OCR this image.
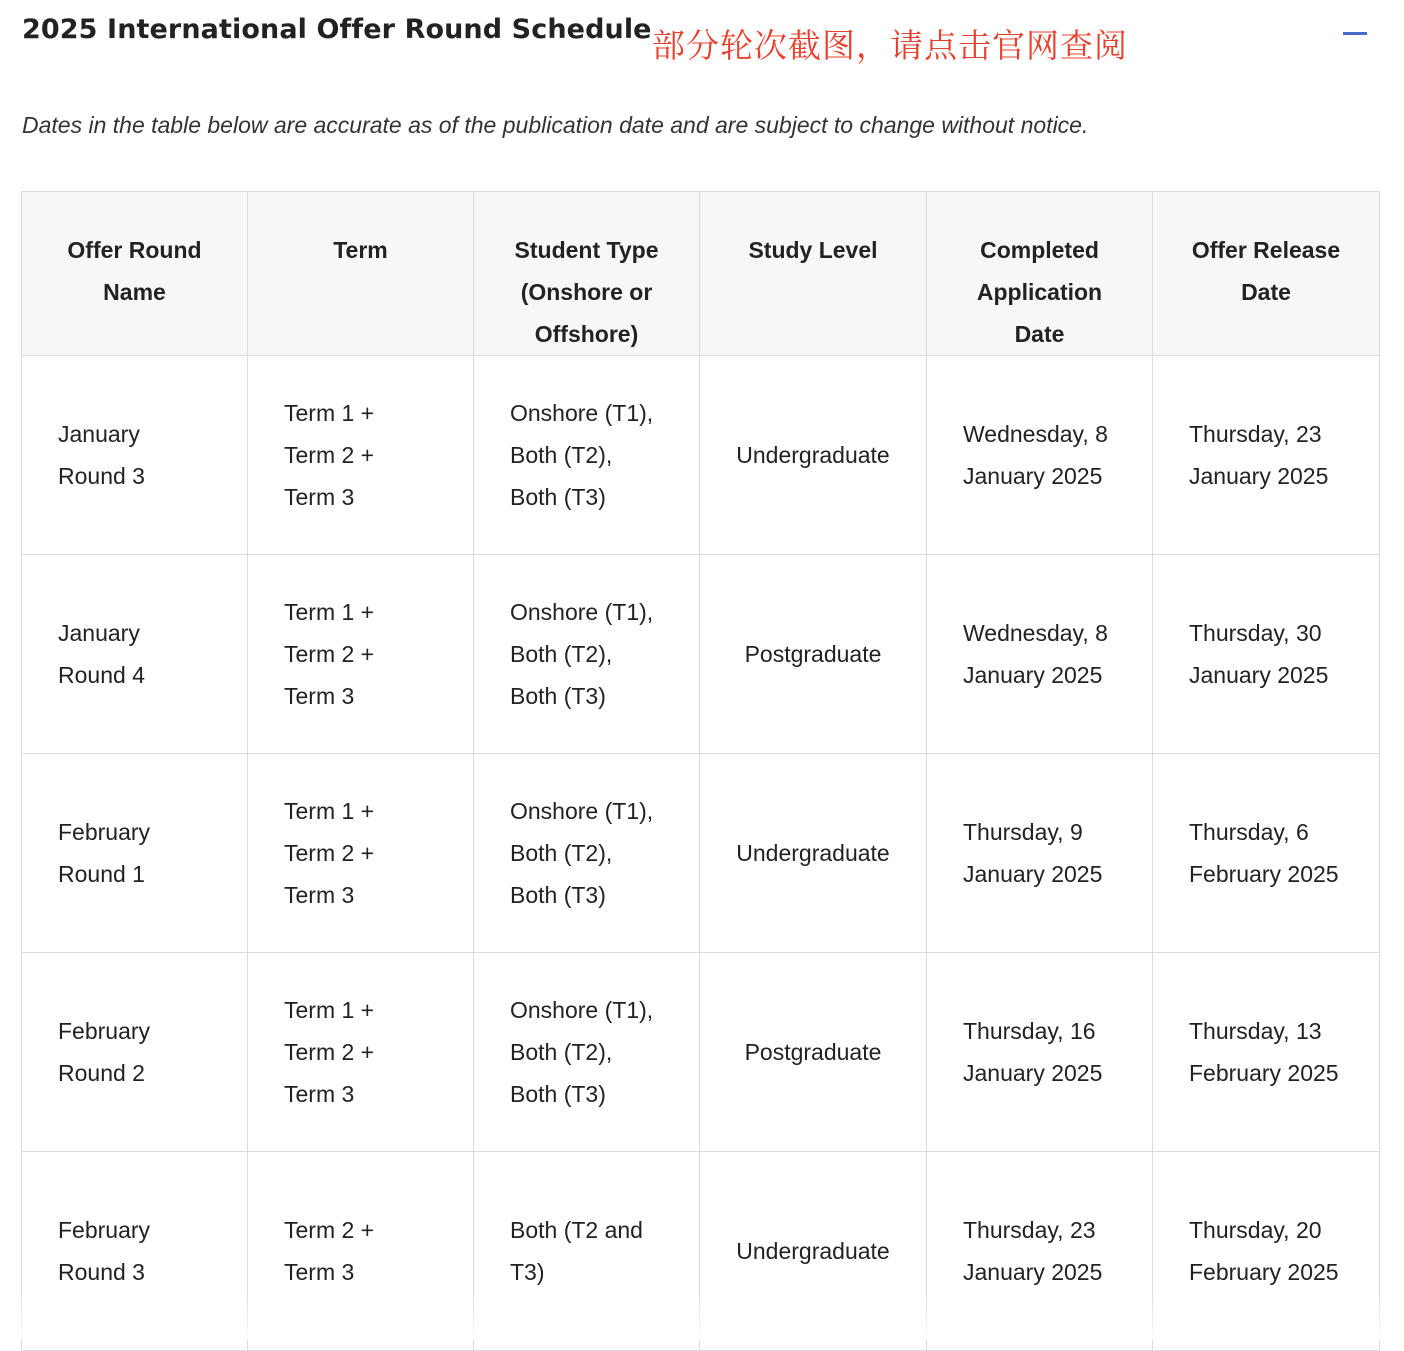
2025 International Offer Round Schedule 部分轮次截图，请点击官网查阅
Dates in the table below are accurate as of the publication date and are subject to change without notice.
Offer Round
Name	Term	Student Type
(Onshore or
Offshore)	Study Level	Completed
Application
Date	Offer Release
Date

January
Round 3	Term 1 +
Term 2 +
Term 3	Onshore (T1),
Both (T2),
Both (T3)	Undergraduate	Wednesday, 8
January 2025	Thursday, 23
January 2025

January
Round 4	Term 1 +
Term 2 +
Term 3	Onshore (T1),
Both (T2),
Both (T3)	Postgraduate	Wednesday, 8
January 2025	Thursday, 30
January 2025

February
Round 1	Term 1 +
Term 2 +
Term 3	Onshore (T1),
Both (T2),
Both (T3)	Undergraduate	Thursday, 9
January 2025	Thursday, 6
February 2025

February
Round 2	Term 1 +
Term 2 +
Term 3	Onshore (T1),
Both (T2),
Both (T3)	Postgraduate	Thursday, 16
January 2025	Thursday, 13
February 2025

February
Round 3	Term 2 +
Term 3	Both (T2 and
T3)	Undergraduate	Thursday, 23
January 2025	Thursday, 20
February 2025
